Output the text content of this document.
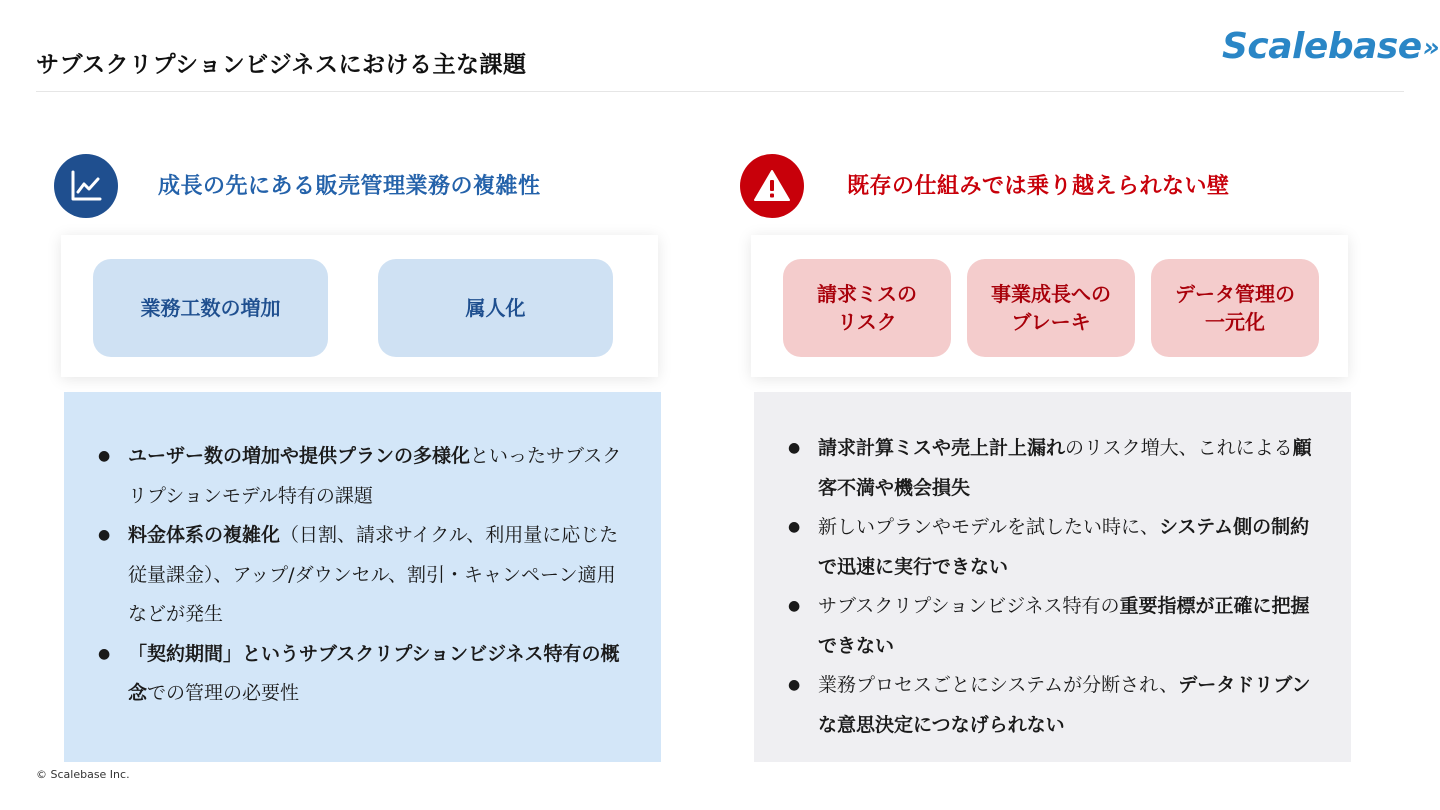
サブスクリプションビジネスにおける主な課題	Scalebase»
成長の先にある販売管理業務の複雑性
業務工数の増加	属人化
● ユーザー数の増加や提供プランの多様化といったサブスクリプションモデル特有の課題
● 料金体系の複雑化（日割、請求サイクル、利用量に応じた従量課金）、アップ/ダウンセル、割引・キャンペーン適用などが発生
● 「契約期間」というサブスクリプションビジネス特有の概念での管理の必要性
既存の仕組みでは乗り越えられない壁
請求ミスの
リスク
事業成長への
ブレーキ
データ管理の
一元化
● 請求計算ミスや売上計上漏れのリスク増大、これによる顧客不満や機会損失
● 新しいプランやモデルを試したい時に、システム側の制約で迅速に実行できない
● サブスクリプションビジネス特有の重要指標が正確に把握できない
● 業務プロセスごとにシステムが分断され、データドリブンな意思決定につなげられない
© Scalebase Inc.
